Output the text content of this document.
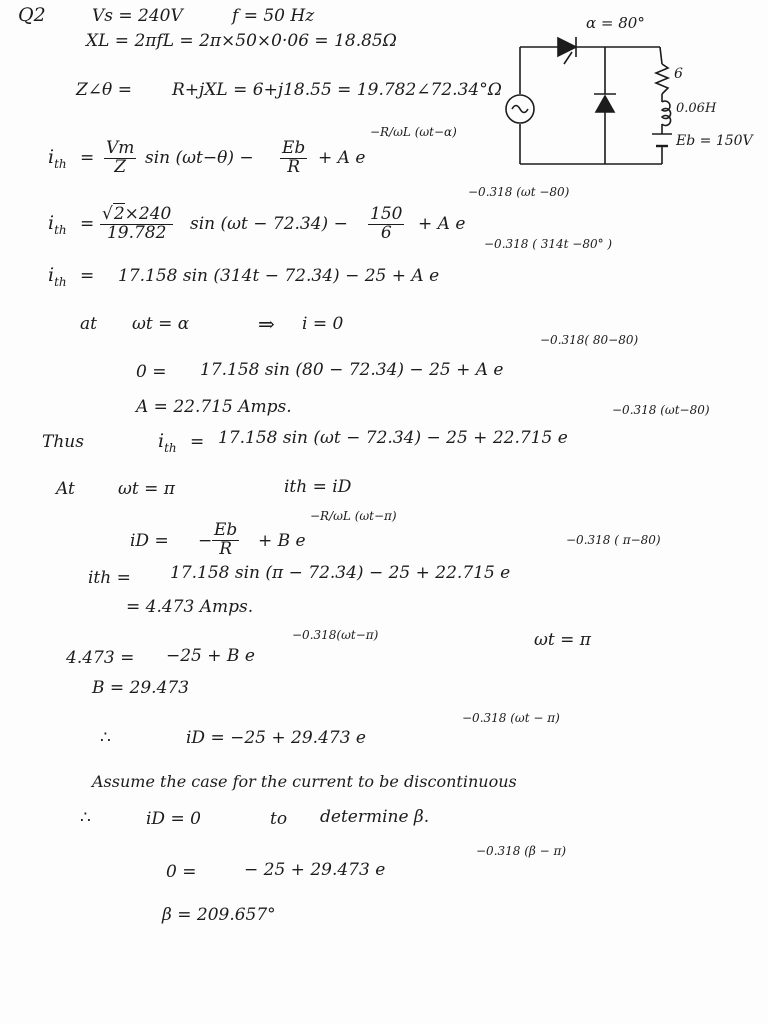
Q2	Vs = 240V	f = 50 Hz
XL = 2πfL = 2π×50×0·06 = 18.85Ω
Z∠θ = R+jXL = 6+j18.55 = 19.782∠72.34°Ω
α = 80°
6
0.06H
Eb = 150V
$i_{th} = \frac{Vm}{Z}$ $\sin (\omega t-\theta) - \frac{Eb}{R} + A$ e
−R/ωL (ωt−α)
−0.318 (ωt −80)
$i_{th} = \frac{√2\times 240}{19.782}$ $\sin (\omega t - 72.34) - \frac{150}{6} + A$ e
−0.318 ( 314t −80° )
$i_{th} = 17.158$ sin (314t − 72.34) − 25 + A e
at ωt = α	⇒ i = 0
−0.318( 80−80)
0 = 17.158 sin (80 − 72.34) − 25 + A e
A = 22.715 Amps.	−0.318 (ωt−80)
Thus	$i_{th} = 17.158$ sin (ωt − 72.34) − 25 + 22.715 e
At	ωt = π	ith = iD
−R/ωL (ωt−π)
iD = − $\frac{Eb}{R} + B$ e	−0.318 ( π−80)
ith = 17.158 sin (π − 72.34) − 25 + 22.715 e
= 4.473 Amps.
−0.318(ωt−π)
4.473 = −25 + B e
ωt = π
B = 29.473
−0.318 (ωt − π)
∴	iD = −25 + 29.473 e
Assume the case for the current to be discontinuous
∴	iD = 0	to determine β.
−0.318 (β − π)
0 =	− 25 + 29.473 e
β = 209.657°
